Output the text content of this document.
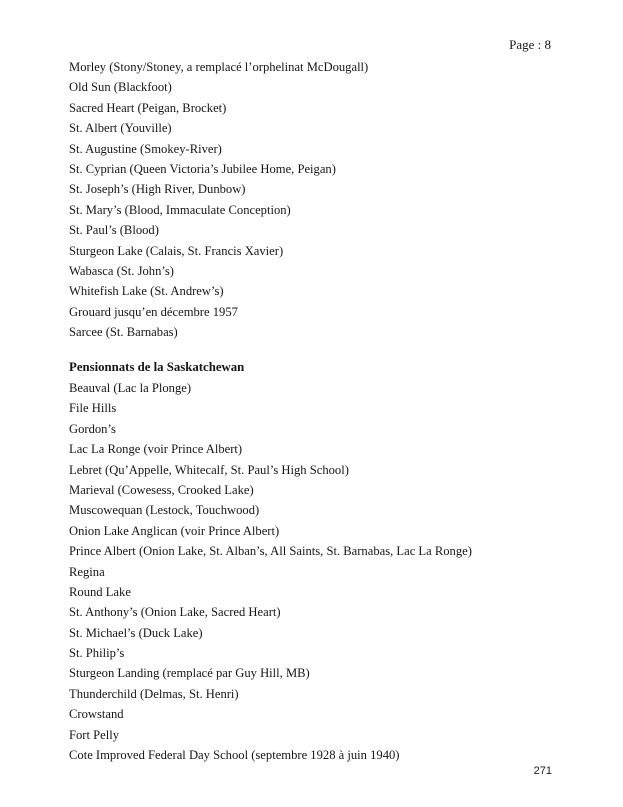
Page : 8
Morley (Stony/Stoney, a remplacé l’orphelinat McDougall)
Old Sun (Blackfoot)
Sacred Heart (Peigan, Brocket)
St. Albert (Youville)
St. Augustine (Smokey-River)
St. Cyprian (Queen Victoria’s Jubilee Home, Peigan)
St. Joseph’s (High River, Dunbow)
St. Mary’s (Blood, Immaculate Conception)
St. Paul’s (Blood)
Sturgeon Lake (Calais, St. Francis Xavier)
Wabasca (St. John’s)
Whitefish Lake (St. Andrew’s)
Grouard jusqu’en décembre 1957
Sarcee (St. Barnabas)
Pensionnats de la Saskatchewan
Beauval (Lac la Plonge)
File Hills
Gordon’s
Lac La Ronge (voir Prince Albert)
Lebret (Qu’Appelle, Whitecalf, St. Paul’s High School)
Marieval (Cowesess, Crooked Lake)
Muscowequan (Lestock, Touchwood)
Onion Lake Anglican (voir Prince Albert)
Prince Albert (Onion Lake, St. Alban’s, All Saints, St. Barnabas, Lac La Ronge)
Regina
Round Lake
St. Anthony’s (Onion Lake, Sacred Heart)
St. Michael’s (Duck Lake)
St. Philip’s
Sturgeon Landing (remplacé par Guy Hill, MB)
Thunderchild (Delmas, St. Henri)
Crowstand
Fort Pelly
Cote Improved Federal Day School (septembre 1928 à juin 1940)
271
